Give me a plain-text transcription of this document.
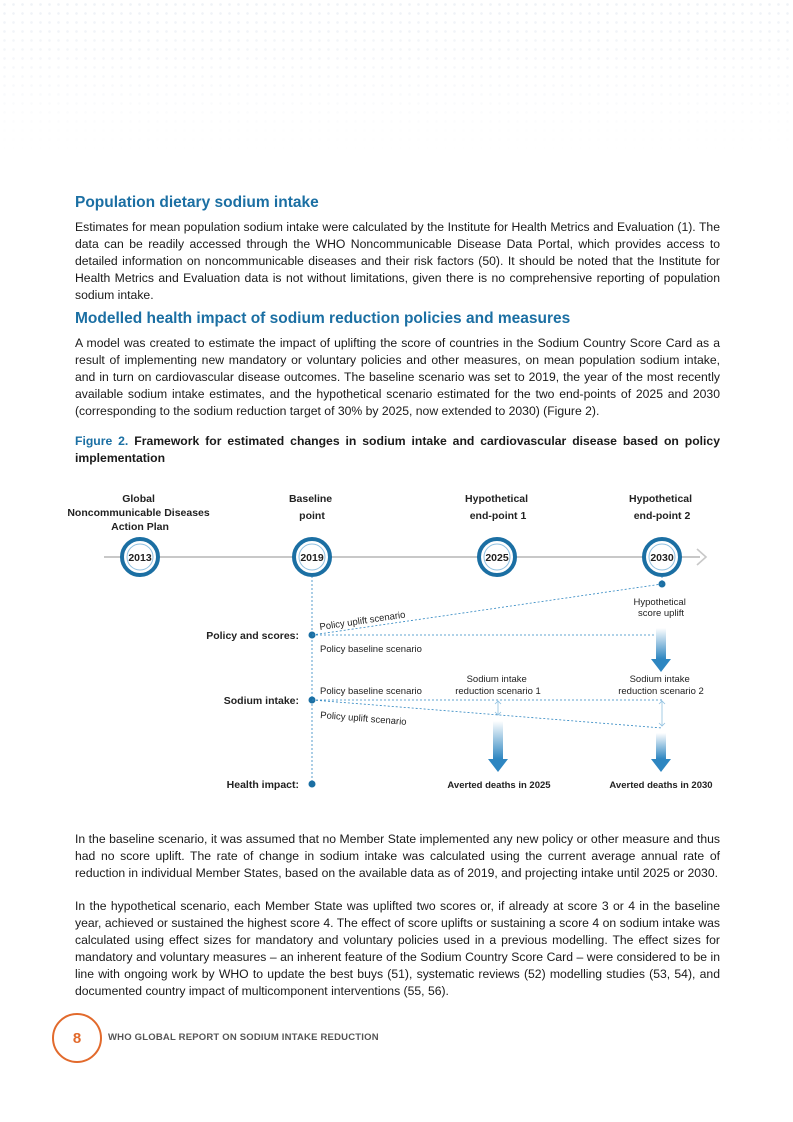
Population dietary sodium intake

Estimates for mean population sodium intake were calculated by the Institute for Health Metrics and Evaluation (1). The data can be readily accessed through the WHO Noncommunicable Disease Data Portal, which provides access to detailed information on noncommunicable diseases and their risk factors (50). It should be noted that the Institute for Health Metrics and Evaluation data is not without limitations, given there is no comprehensive reporting of population sodium intake.

Modelled health impact of sodium reduction policies and measures

A model was created to estimate the impact of uplifting the score of countries in the Sodium Country Score Card as a result of implementing new mandatory or voluntary policies and other measures, on mean population sodium intake, and in turn on cardiovascular disease outcomes. The baseline scenario was set to 2019, the year of the most recently available sodium intake estimates, and the hypothetical scenario estimated for the two end-points of 2025 and 2030 (corresponding to the sodium reduction target of 30% by 2025, now extended to 2030) (Figure 2).

Figure 2. Framework for estimated changes in sodium intake and cardiovascular disease based on policy implementation
Global Noncommunicable Diseases Action Plan
Baseline point
Hypothetical end-point 1
Hypothetical end-point 2
2013	2019	2025	2030
Policy and scores:
Policy uplift scenario
Policy baseline scenario
Hypothetical score uplift
Sodium intake:
Policy baseline scenario
Policy uplift scenario
Sodium intake reduction scenario 1
Sodium intake reduction scenario 2
Health impact:	Averted deaths in 2025	Averted deaths in 2030

In the baseline scenario, it was assumed that no Member State implemented any new policy or other measure and thus had no score uplift. The rate of change in sodium intake was calculated using the current average annual rate of reduction in individual Member States, based on the available data as of 2019, and projecting intake until 2025 or 2030.

In the hypothetical scenario, each Member State was uplifted two scores or, if already at score 3 or 4 in the baseline year, achieved or sustained the highest score 4. The effect of score uplifts or sustaining a score 4 on sodium intake was calculated using effect sizes for mandatory and voluntary policies used in a previous modelling. The effect sizes for mandatory and voluntary measures – an inherent feature of the Sodium Country Score Card – were considered to be in line with ongoing work by WHO to update the best buys (51), systematic reviews (52) modelling studies (53, 54), and documented country impact of multicomponent interventions (55, 56).

8	WHO GLOBAL REPORT ON SODIUM INTAKE REDUCTION
